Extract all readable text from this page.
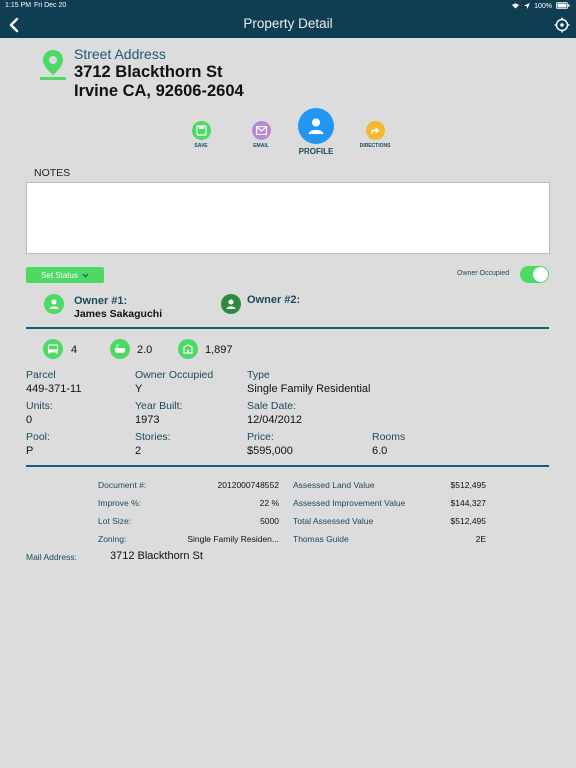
1:15 PM Fri Dec 20	100%
Property Detail
Street Address
3712 Blackthorn St
Irvine CA, 92606-2604
SAVE	EMAIL
PROFILE
DIRECTIONS
NOTES
Set Status	Owner Occupied
Owner #1:
James Sakaguchi
Owner #2:
4	2.0	1,897
Parcel
449-371-11
Owner Occupied
Y
Type
Single Family Residential
Units:
0
Year Built:
1973
Sale Date:
12/04/2012
Pool:
P
Stories:
2
Price:
$595,000
Rooms
6.0
Document #:	2012000748552
Improve %:	22 %
Lot Size:	5000
Zoning:	Single Family Residen...
Assessed Land Value	$512,495
Assessed Improvement Value	$144,327
Total Assessed Value	$512,495
Thomas Guide	2E
Mail Address:	3712 Blackthorn St
